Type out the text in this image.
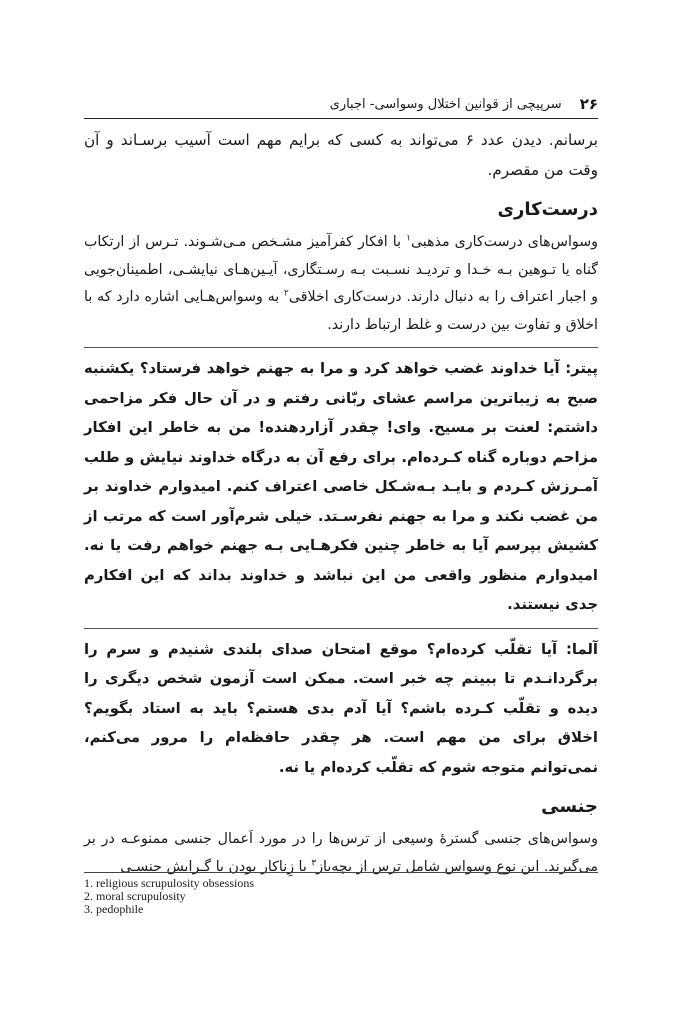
۲۶
سرپیچی از قوانین اختلال وسواسی- اجباری

برسانم. دیدن عدد ۶ می‌تواند به کسی که برایم مهم است آسیب برسـاند و آن وقت من مقصرم.

درست‌کاری

وسواس‌های درست‌کاری مذهبی$^۱$ با افکار کفرآمیز مشـخص مـی‌شـوند. تـرس از ارتکاب گناه یا تـوهین بـه خـدا و تردیـد نسـبت بـه رسـتگاری، آیـین‌هـای نیایشـی، اطمینان‌جویی و اجبار اعتراف را به دنبال دارند. درست‌کاری اخلاقی$^۲$ به وسواس‌هـایی اشاره دارد که با اخلاق و تفاوت بین درست و غلط ارتباط دارند.

پیتر: آیا خداوند غضب خواهد کرد و مرا به جهنم خواهد فرستاد؟ یکشنبه صبح به زیباترین مراسم عشای ربّانی رفتم و در آن حال فکر مزاحمی داشتم: لعنت بر مسیح. وای! چقدر آزاردهنده! من به خاطر این افکار مزاحم دوباره گناه کـرده‌ام. برای رفع آن به درگاه خداوند نیایش و طلب آمـرزش کـردم و بایـد بـه‌شـکل خاصی اعتراف کنم. امیدوارم خداوند بر من غضب نکند و مرا به جهنم نفرسـتد. خیلی شرم‌آور است که مرتب از کشیش بپرسم آیا به خاطر چنین فکرهـایی بـه جهنم خواهم رفت یا نه. امیدوارم منظور واقعی من این نباشد و خداوند بداند که این افکارم جدی نیستند.

آلما: آیا تقلّب کرده‌ام؟ موقع امتحان صدای بلندی شنیدم و سرم را برگردانـدم تا ببینم چه خبر است. ممکن است آزمون شخص دیگری را دیده و تقلّب کـرده باشم؟ آیا آدم بدی هستم؟ باید به استاد بگویم؟ اخلاق برای من مهم است. هر چقدر حافظه‌ام را مرور می‌کنم، نمی‌توانم متوجه شوم که تقلّب کرده‌ام یا نه.

جنسی

وسواس‌های جنسی گسترهٔ وسیعی از ترس‌ها را در مورد اَعمال جنسی ممنوعـه در بر می‌گیرند. این نوع وسواس شامل ترس از بچه‌باز$^۳$ یا زِناکار بودن یا گـرایش جنسـی

1. religious scrupulosity obsessions
2. moral scrupulosity
3. pedophile
